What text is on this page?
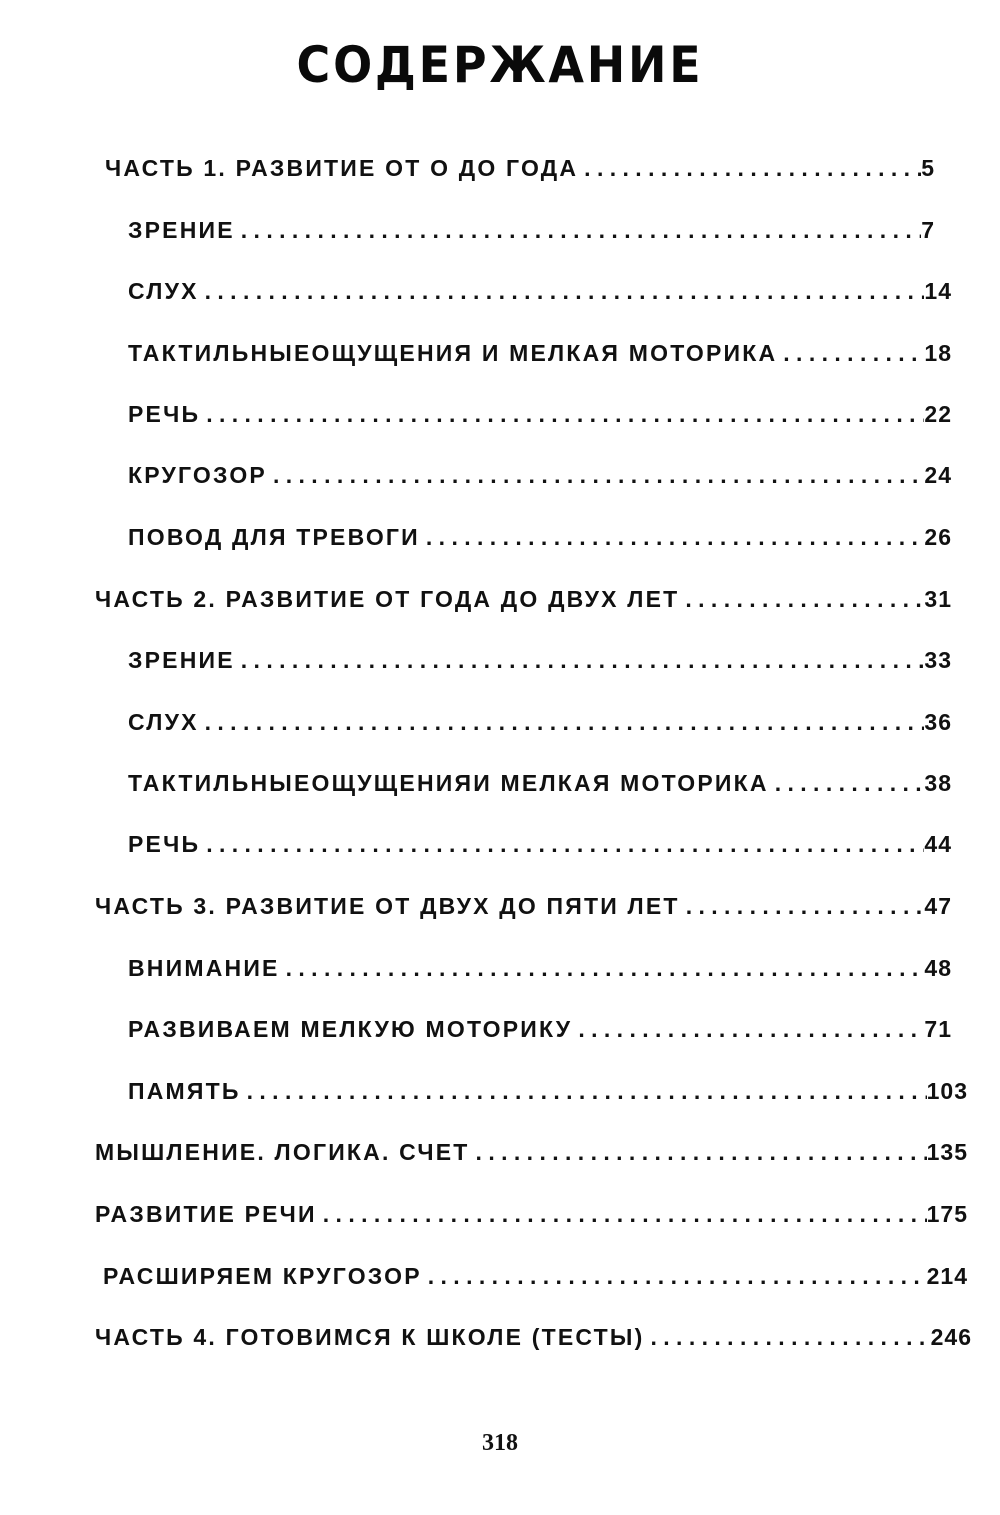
СОДЕРЖАНИЕ
ЧАСТЬ 1. РАЗВИТИЕ ОТ О ДО ГОДА . . .	5
ЗРЕНИЕ . . .	7
СЛУХ . . .	14
ТАКТИЛЬНЫЕОЩУЩЕНИЯ И МЕЛКАЯ МОТОРИКА . . .	18
РЕЧЬ . . .	22
КРУГОЗОР . . .	24
ПОВОД ДЛЯ ТРЕВОГИ . . .	26
ЧАСТЬ 2. РАЗВИТИЕ ОТ ГОДА ДО ДВУХ ЛЕТ . . .	31
ЗРЕНИЕ . . .	33
СЛУХ . . .	36
ТАКТИЛЬНЫЕОЩУЩЕНИЯИ МЕЛКАЯ МОТОРИКА . . .	38
РЕЧЬ . . .	44
ЧАСТЬ 3. РАЗВИТИЕ ОТ ДВУХ ДО ПЯТИ ЛЕТ . . .	47
ВНИМАНИЕ . . .	48
РАЗВИВАЕМ МЕЛКУЮ МОТОРИКУ . . .	71
ПАМЯТЬ . . .	103
МЫШЛЕНИЕ. ЛОГИКА. СЧЕТ . . .	135
РАЗВИТИЕ РЕЧИ . . .	175
РАСШИРЯЕМ КРУГОЗОР . . .	214
ЧАСТЬ 4. ГОТОВИМСЯ К ШКОЛЕ (ТЕСТЫ) . . .	246
318
